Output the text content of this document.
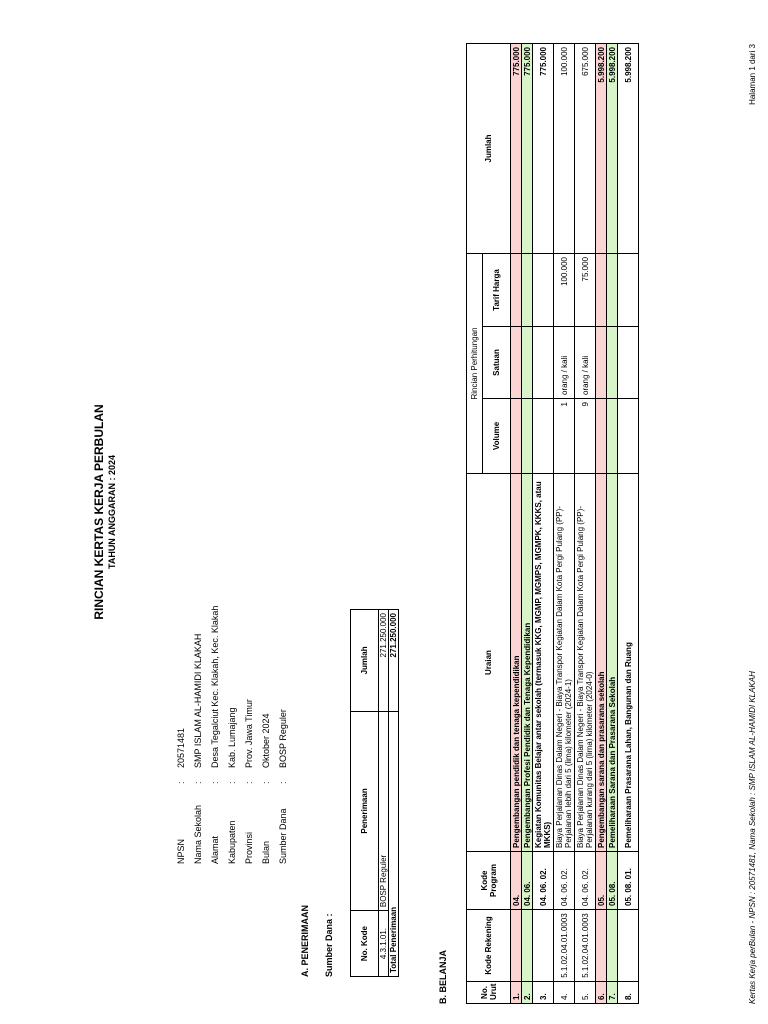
RINCIAN KERTAS KERJA PERBULAN TAHUN ANGGARAN : 2024
NPSN:20571481
Nama Sekolah:SMP ISLAM AL-HAMIDI KLAKAH
Alamat:Desa Tegalciut Kec. Klakah, Kec. Klakah
Kabupaten:Kab. Lumajang
Provinsi:Prov. Jawa Timur
Bulan:Oktober 2024
Sumber Dana:BOSP Reguler
A. PENERIMAAN Sumber Dana :	No. Kode	Penerimaan	Jumlah
4.3.1.01.	BOSP Reguler	271.250.000
Total Penerimaan		271.250.000
B. BELANJA	No. Urut	Kode Rekening	Kode Program	Uraian	Rincian Perhitungan			Jumlah
				Volume	Satuan	Tarif Harga	
1.		04.	Pengembangan pendidik dan tenaga kependidikan				775.000
2.		04. 06.	Pengembangan Profesi Pendidik dan Tenaga Kependidikan				775.000
3.		04. 06. 02.	Kegiatan Komunitas Belajar antar sekolah (termasuk KKG, MGMP, MGMPS, MGMPK, KKKS, atau MKKS)				775.000
4.	5.1.02.04.01.0003	04. 06. 02.	Biaya Perjalanan Dinas Dalam Negeri - Biaya Transpor Kegiatan Dalam Kota Pergi Pulang (PP)-Perjalanan lebih dari 5 (lima) kilometer (2024-1)	1	orang / kali	100.000	100.000
5.	5.1.02.04.01.0003	04. 06. 02.	Biaya Perjalanan Dinas Dalam Negeri - Biaya Transpor Kegiatan Dalam Kota Pergi Pulang (PP)-Perjalanan kurang dari 5 (lima) kilometer (2024-0)	9	orang / kali	75.000	675.000
6.		05.	Pengembangan sarana dan prasarana sekolah				5.998.200
7.		05. 08.	Pemeliharaan Sarana dan Prasarana Sekolah				5.998.200
8.		05. 08. 01.	Pemeliharaan Prasarana Lahan, Bangunan dan Ruang				5.998.200
Kertas Kerja perBulan - NPSN : 20571481, Nama Sekolah : SMP ISLAM AL-HAMIDI KLAKAH
Halaman 1 dari 3
